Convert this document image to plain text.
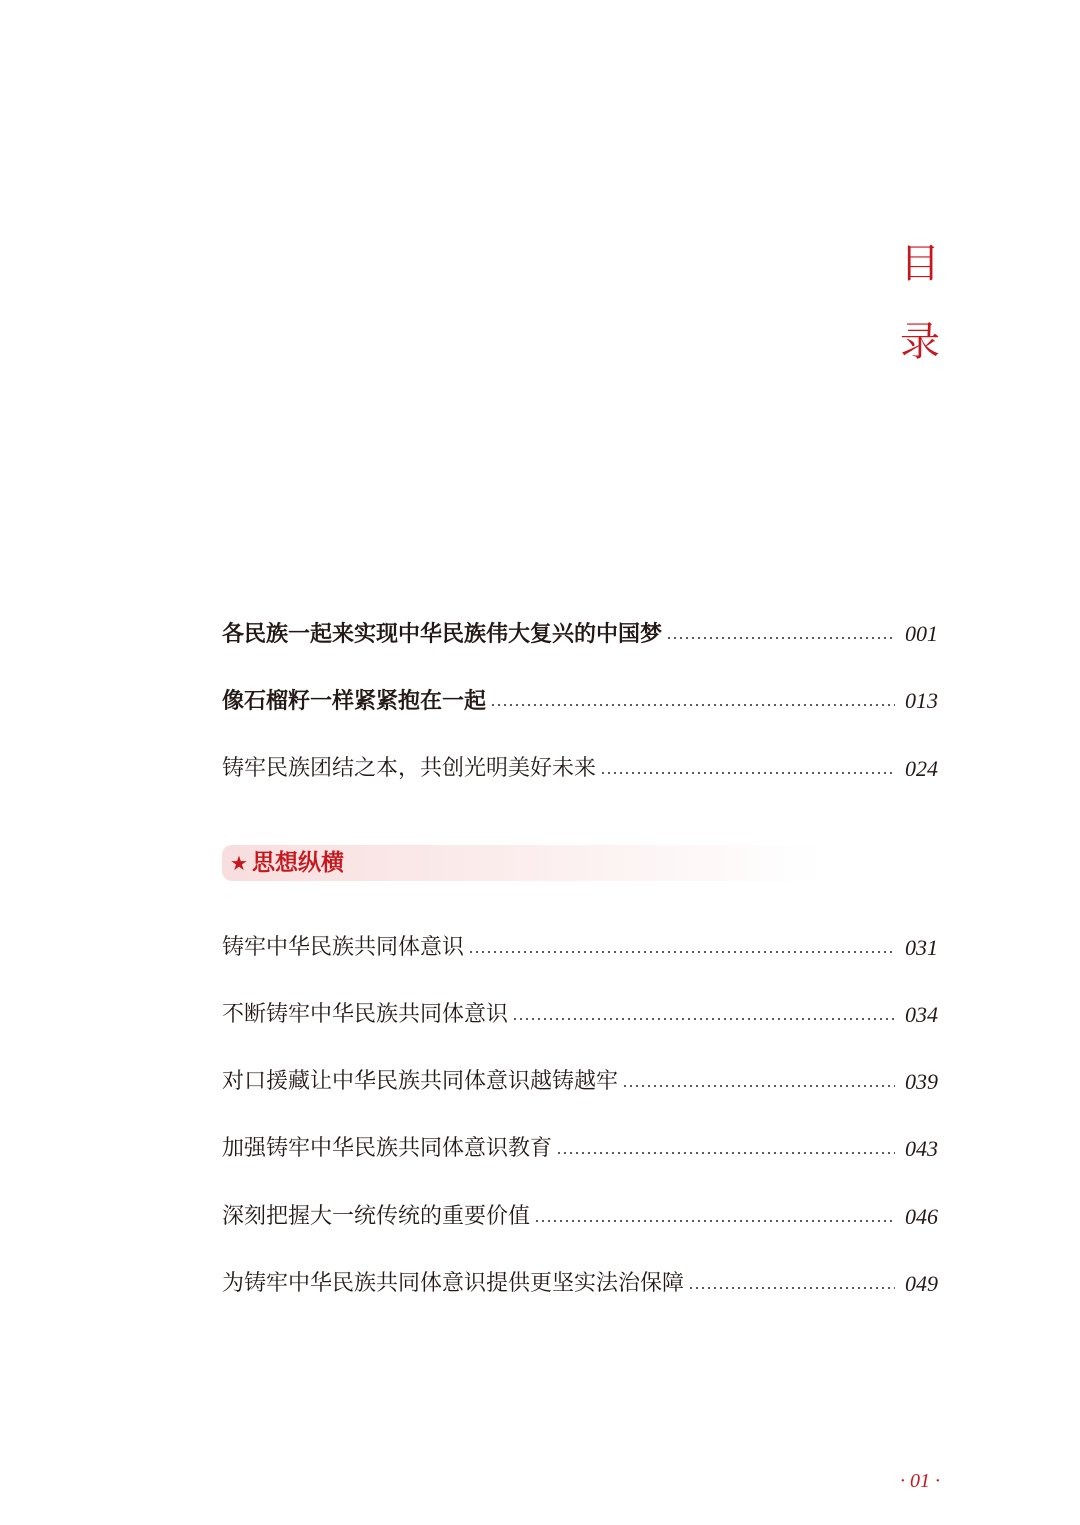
目
录
各民族一起来实现中华民族伟大复兴的中国梦	001
像石榴籽一样紧紧抱在一起	013
铸牢民族团结之本，共创光明美好未来	024
★ 思想纵横
铸牢中华民族共同体意识	031
不断铸牢中华民族共同体意识	034
对口援藏让中华民族共同体意识越铸越牢	039
加强铸牢中华民族共同体意识教育	043
深刻把握大一统传统的重要价值	046
为铸牢中华民族共同体意识提供更坚实法治保障	049
· 01 ·
